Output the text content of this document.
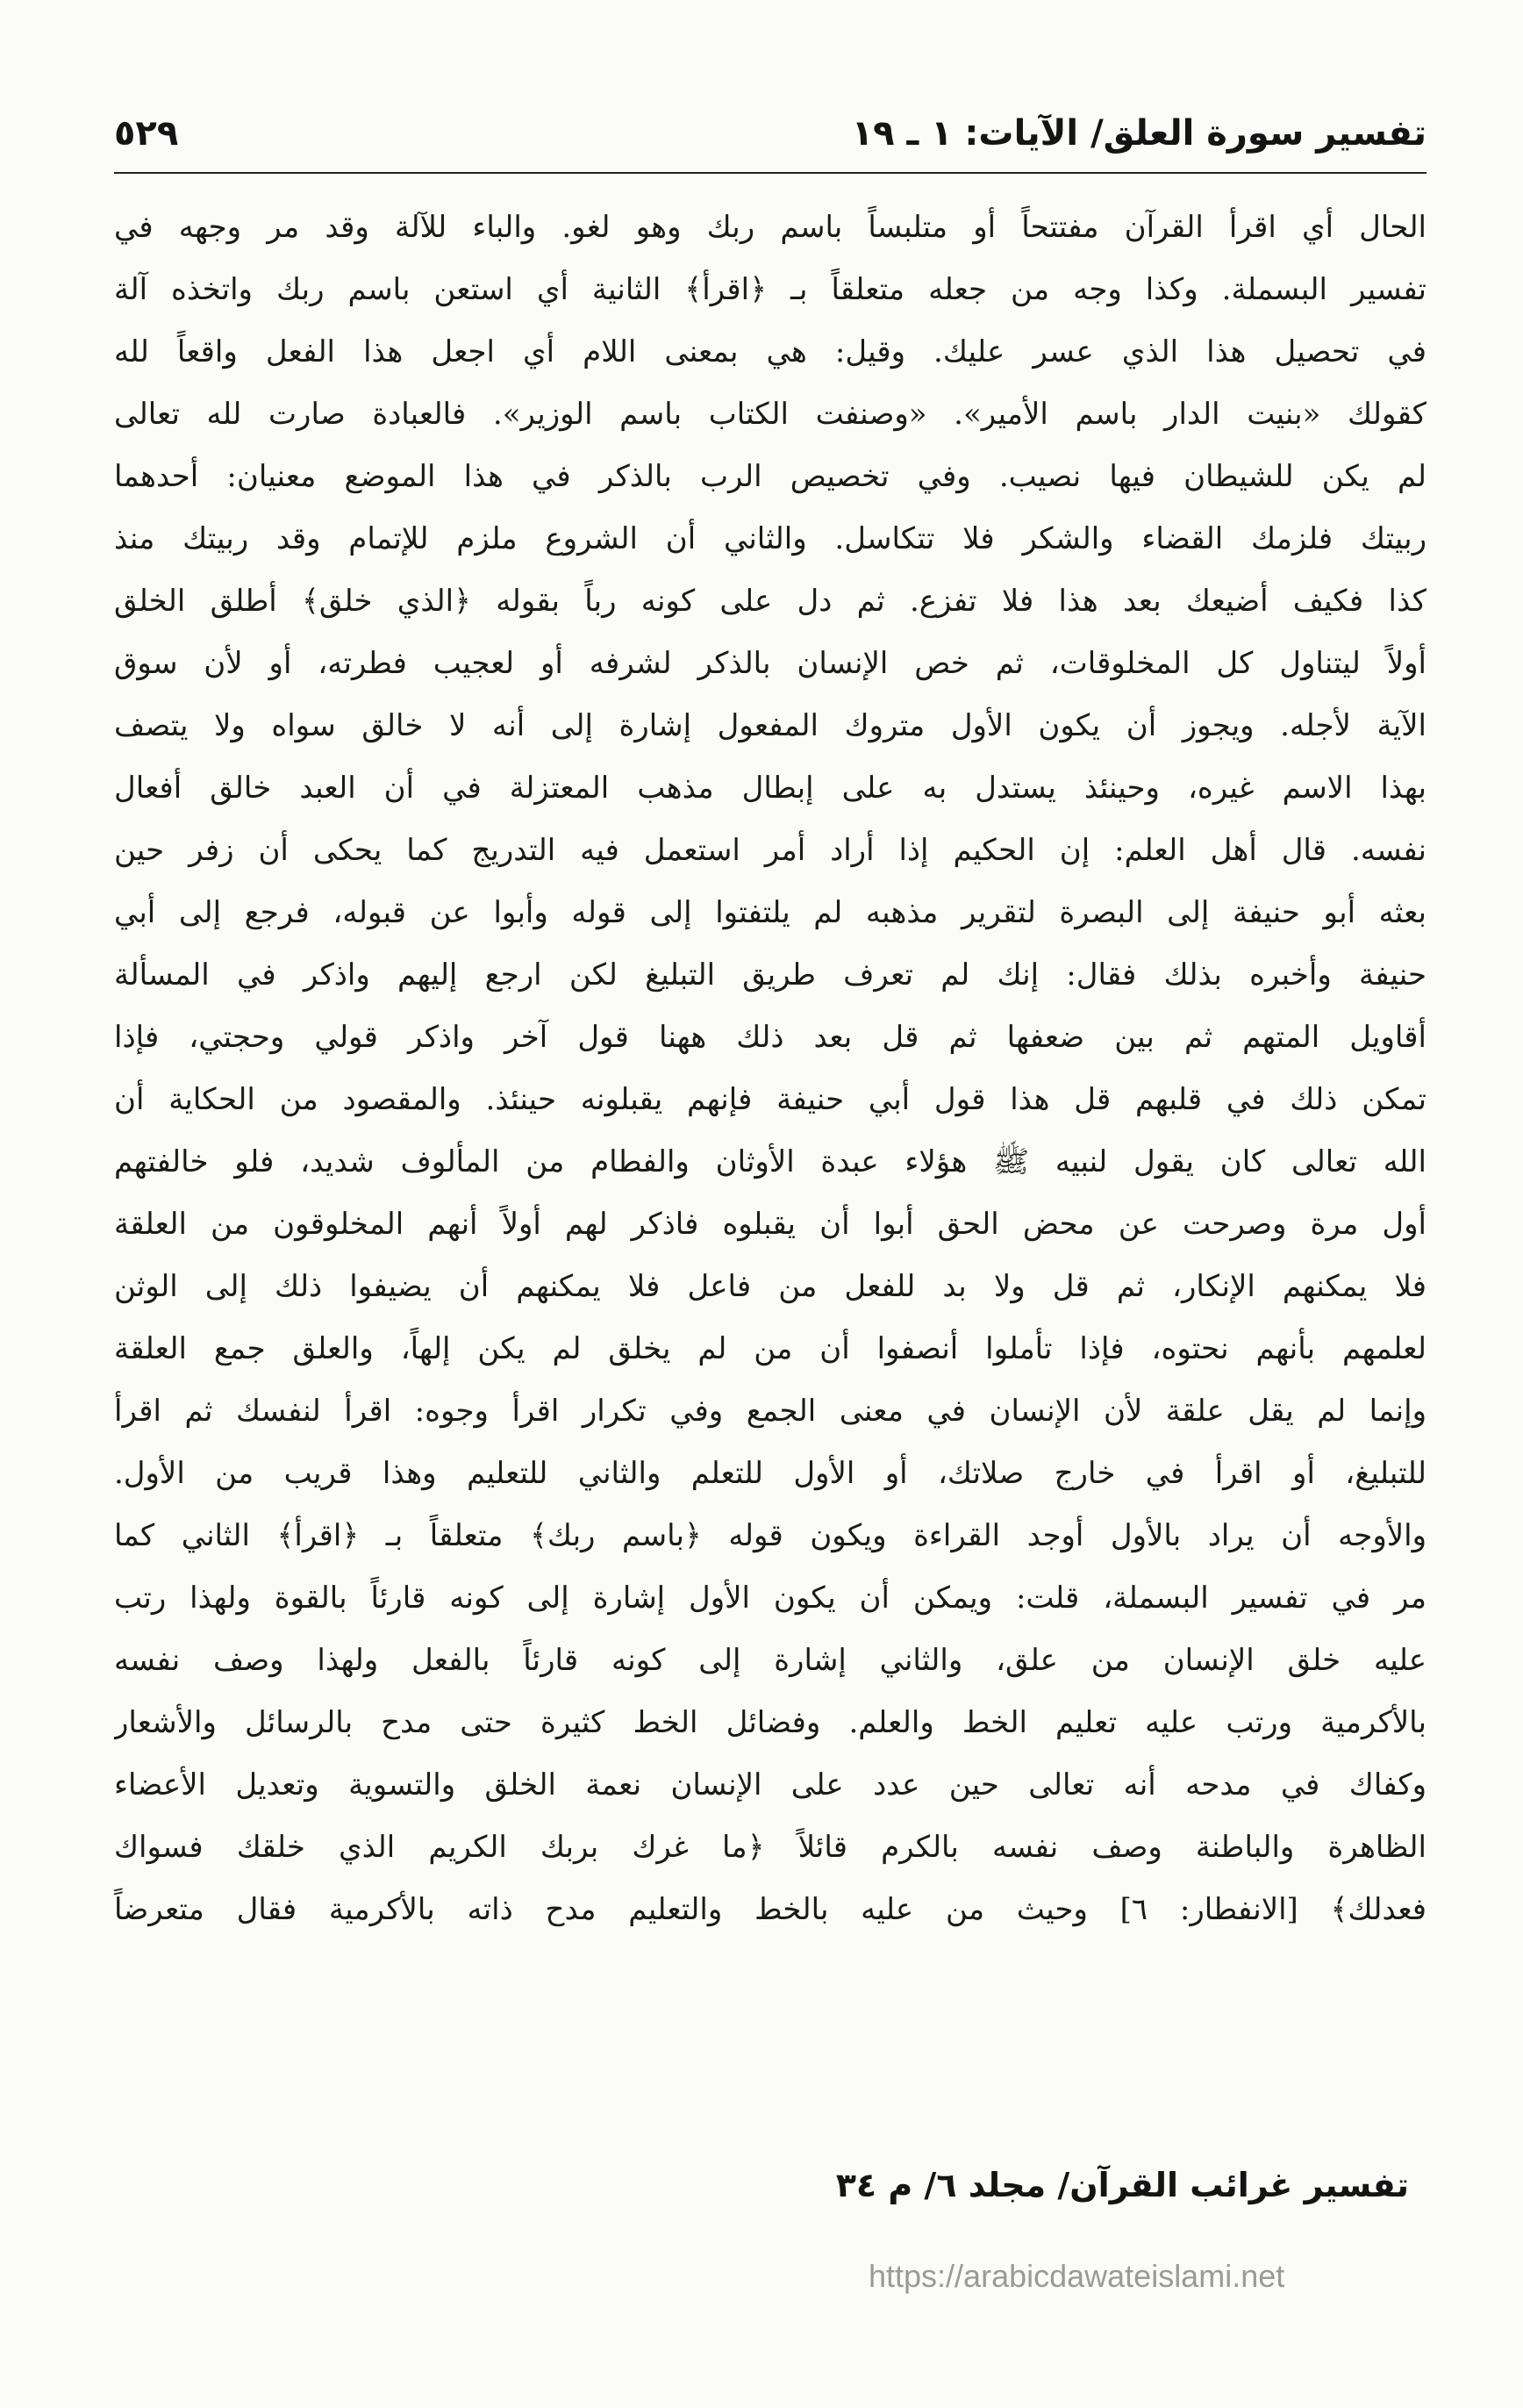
تفسير سورة العلق/ الآيات: ١ ـ ١٩
٥٢٩
الحال أي اقرأ القرآن مفتتحاً أو متلبساً باسم ربك وهو لغو. والباء للآلة وقد مر وجهه في
تفسير البسملة. وكذا وجه من جعله متعلقاً بـ ﴿اقرأ﴾ الثانية أي استعن باسم ربك واتخذه آلة
في تحصيل هذا الذي عسر عليك. وقيل: هي بمعنى اللام أي اجعل هذا الفعل واقعاً لله
كقولك «بنيت الدار باسم الأمير». «وصنفت الكتاب باسم الوزير». فالعبادة صارت لله تعالى
لم يكن للشيطان فيها نصيب. وفي تخصيص الرب بالذكر في هذا الموضع معنيان: أحدهما
ربيتك فلزمك القضاء والشكر فلا تتكاسل. والثاني أن الشروع ملزم للإتمام وقد ربيتك منذ
كذا فكيف أضيعك بعد هذا فلا تفزع. ثم دل على كونه رباً بقوله ﴿الذي خلق﴾ أطلق الخلق
أولاً ليتناول كل المخلوقات، ثم خص الإنسان بالذكر لشرفه أو لعجيب فطرته، أو لأن سوق
الآية لأجله. ويجوز أن يكون الأول متروك المفعول إشارة إلى أنه لا خالق سواه ولا يتصف
بهذا الاسم غيره، وحينئذ يستدل به على إبطال مذهب المعتزلة في أن العبد خالق أفعال
نفسه. قال أهل العلم: إن الحكيم إذا أراد أمر استعمل فيه التدريج كما يحكى أن زفر حين
بعثه أبو حنيفة إلى البصرة لتقرير مذهبه لم يلتفتوا إلى قوله وأبوا عن قبوله، فرجع إلى أبي
حنيفة وأخبره بذلك فقال: إنك لم تعرف طريق التبليغ لكن ارجع إليهم واذكر في المسألة
أقاويل المتهم ثم بين ضعفها ثم قل بعد ذلك ههنا قول آخر واذكر قولي وحجتي، فإذا
تمكن ذلك في قلبهم قل هذا قول أبي حنيفة فإنهم يقبلونه حينئذ. والمقصود من الحكاية أن
الله تعالى كان يقول لنبيه ﷺ هؤلاء عبدة الأوثان والفطام من المألوف شديد، فلو خالفتهم
أول مرة وصرحت عن محض الحق أبوا أن يقبلوه فاذكر لهم أولاً أنهم المخلوقون من العلقة
فلا يمكنهم الإنكار، ثم قل ولا بد للفعل من فاعل فلا يمكنهم أن يضيفوا ذلك إلى الوثن
لعلمهم بأنهم نحتوه، فإذا تأملوا أنصفوا أن من لم يخلق لم يكن إلهاً، والعلق جمع العلقة
وإنما لم يقل علقة لأن الإنسان في معنى الجمع وفي تكرار اقرأ وجوه: اقرأ لنفسك ثم اقرأ
للتبليغ، أو اقرأ في خارج صلاتك، أو الأول للتعلم والثاني للتعليم وهذا قريب من الأول.
والأوجه أن يراد بالأول أوجد القراءة ويكون قوله ﴿باسم ربك﴾ متعلقاً بـ ﴿اقرأ﴾ الثاني كما
مر في تفسير البسملة، قلت: ويمكن أن يكون الأول إشارة إلى كونه قارئاً بالقوة ولهذا رتب
عليه خلق الإنسان من علق، والثاني إشارة إلى كونه قارئاً بالفعل ولهذا وصف نفسه
بالأكرمية ورتب عليه تعليم الخط والعلم. وفضائل الخط كثيرة حتى مدح بالرسائل والأشعار
وكفاك في مدحه أنه تعالى حين عدد على الإنسان نعمة الخلق والتسوية وتعديل الأعضاء
الظاهرة والباطنة وصف نفسه بالكرم قائلاً ﴿ما غرك بربك الكريم الذي خلقك فسواك
فعدلك﴾ [الانفطار: ٦] وحيث من عليه بالخط والتعليم مدح ذاته بالأكرمية فقال متعرضاً
تفسير غرائب القرآن/ مجلد ٦/ م ٣٤
https://arabicdawateislami.net
